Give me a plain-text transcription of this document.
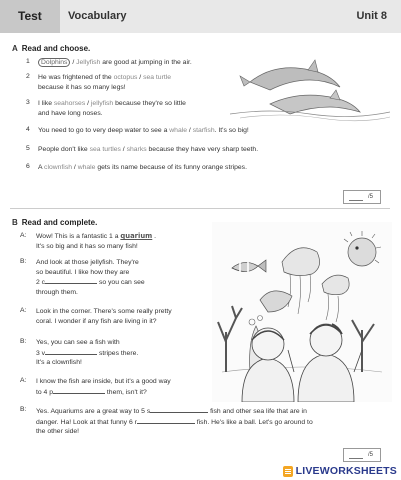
Test Vocabulary	Unit 8
A Read and choose.
1	Dolphins / Jellyfish are good at jumping in the air.
2 He was frightened of the octopus / sea turtle
because it has so many legs!
3 I like seahorses / jellyfish because they're so little
and have long noses.
4 You need to go to very deep water to see a whale / starfish. It's so big!
5 People don't like sea turtles / sharks because they have very sharp teeth.
6 A clownfish / whale gets its name because of its funny orange stripes.
/5
B Read and complete.
A: Wow! This is a fantastic 1 a quarium .
It's so big and it has so many fish!
B: And look at those jellyfish. They're
so beautiful. I like how they are
2 c	so you can see
through them.
A: Look in the corner. There's some really pretty
coral. I wonder if any fish are living in it?
B: Yes, you can see a fish with
3 v	stripes there.
It's a clownfish!
A: I know the fish are inside, but it's a good way
to 4 p	them, isn't it?
B: Yes. Aquariums are a great way to 5 s	fish and other sea life that are in
danger. Ha! Look at that funny 6 r	fish. He's like a ball. Let's go around to
the other side!
/5
LIVEWORKSHEETS
